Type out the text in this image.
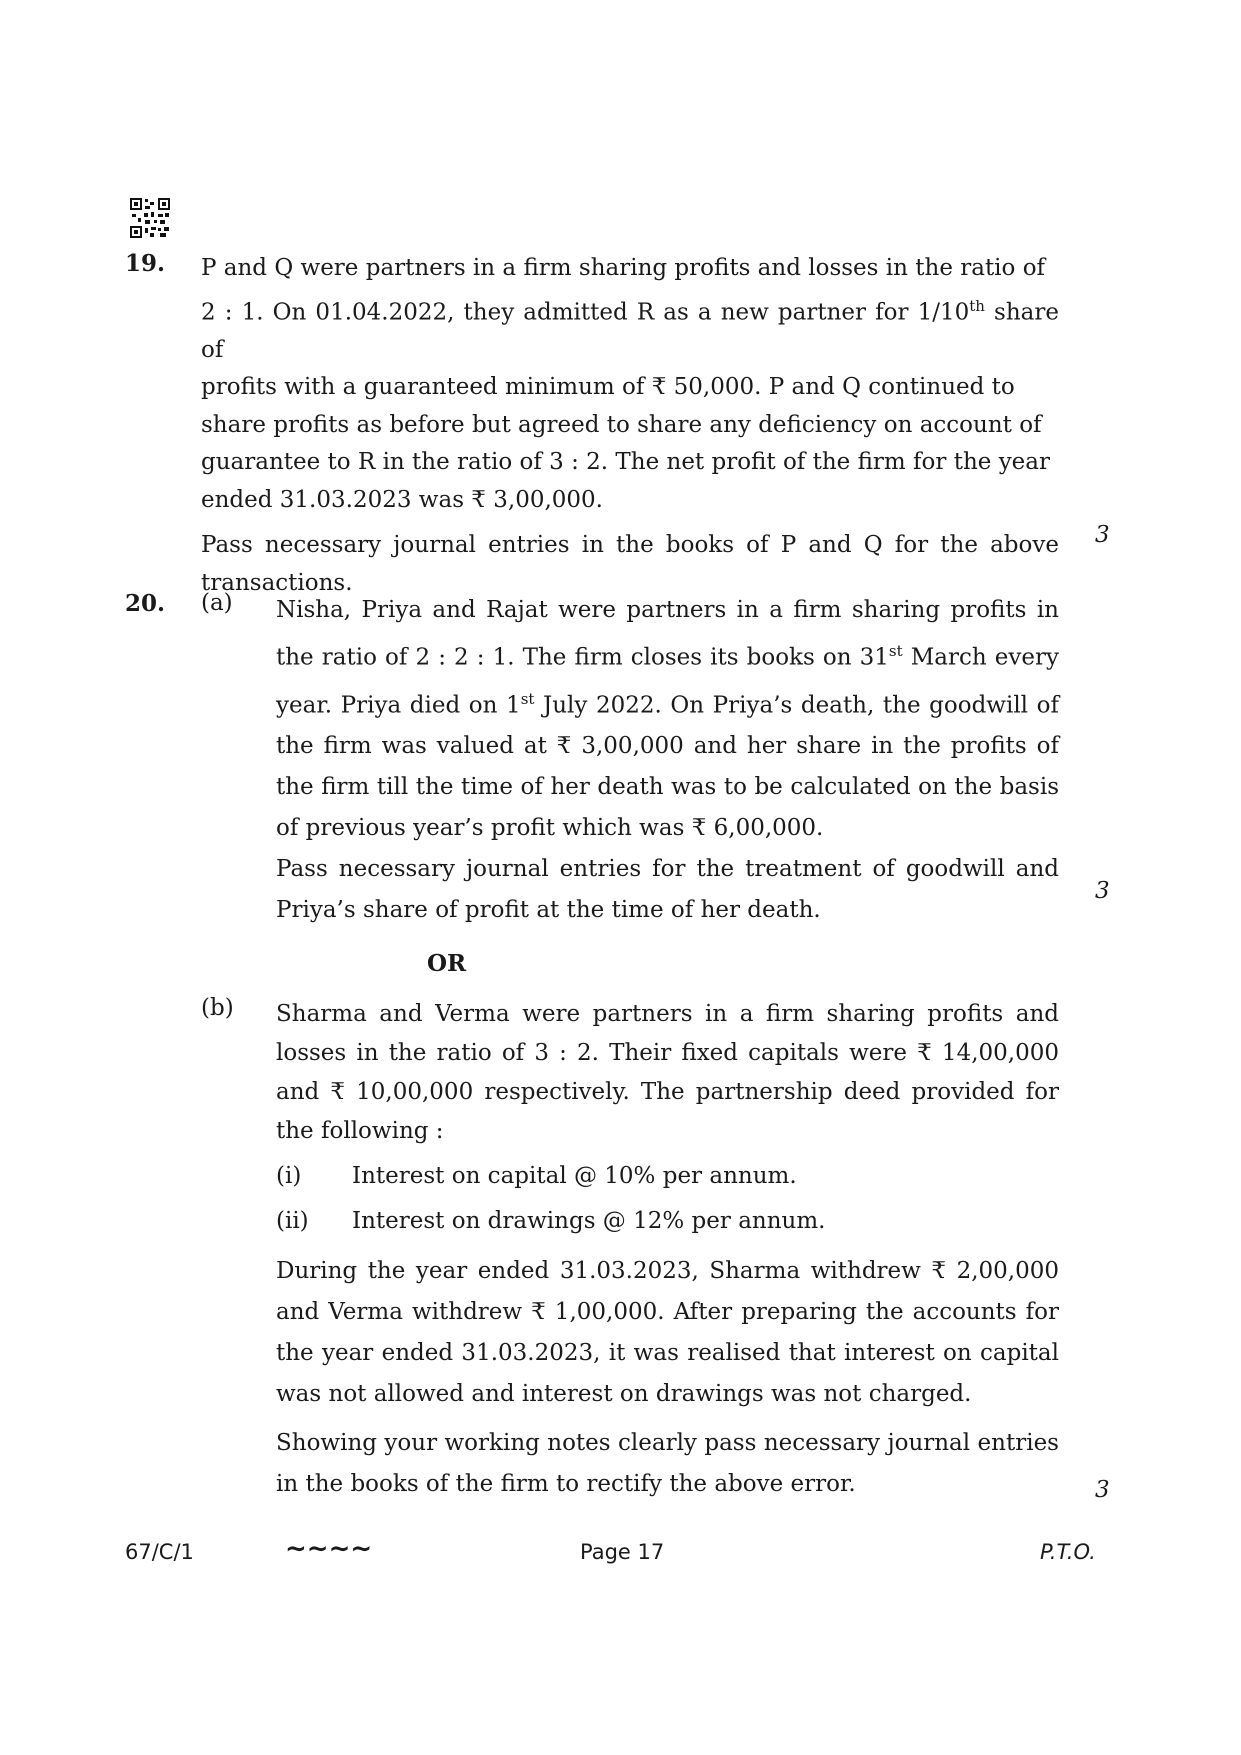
19. P and Q were partners in a firm sharing profits and losses in the ratio of

2 : 1. On 01.04.2022, they admitted R as a new partner for 1/10th share of

profits with a guaranteed minimum of ₹ 50,000. P and Q continued to

share profits as before but agreed to share any deficiency on account of

guarantee to R in the ratio of 3 : 2. The net profit of the firm for the year

ended 31.03.2023 was ₹ 3,00,000.

Pass necessary journal entries in the books of P and Q for the above transactions.

3
20. (a) Nisha, Priya and Rajat were partners in a firm sharing profits in the ratio of 2 : 2 : 1. The firm closes its books on 31st March every year. Priya died on 1st July 2022. On Priya’s death, the goodwill of the firm was valued at ₹ 3,00,000 and her share in the profits of the firm till the time of her death was to be calculated on the basis of previous year’s profit which was ₹ 6,00,000.

Pass necessary journal entries for the treatment of goodwill and Priya’s share of profit at the time of her death.

3
OR
(b) Sharma and Verma were partners in a firm sharing profits and losses in the ratio of 3 : 2. Their fixed capitals were ₹ 14,00,000 and ₹ 10,00,000 respectively. The partnership deed provided for the following :

(i)	Interest on capital @ 10% per annum.
(ii)	Interest on drawings @ 12% per annum.

During the year ended 31.03.2023, Sharma withdrew ₹ 2,00,000 and Verma withdrew ₹ 1,00,000. After preparing the accounts for the year ended 31.03.2023, it was realised that interest on capital was not allowed and interest on drawings was not charged.

Showing your working notes clearly pass necessary journal entries in the books of the firm to rectify the above error.	3
67/C/1	∼∼∼∼	Page 17	P.T.O.
